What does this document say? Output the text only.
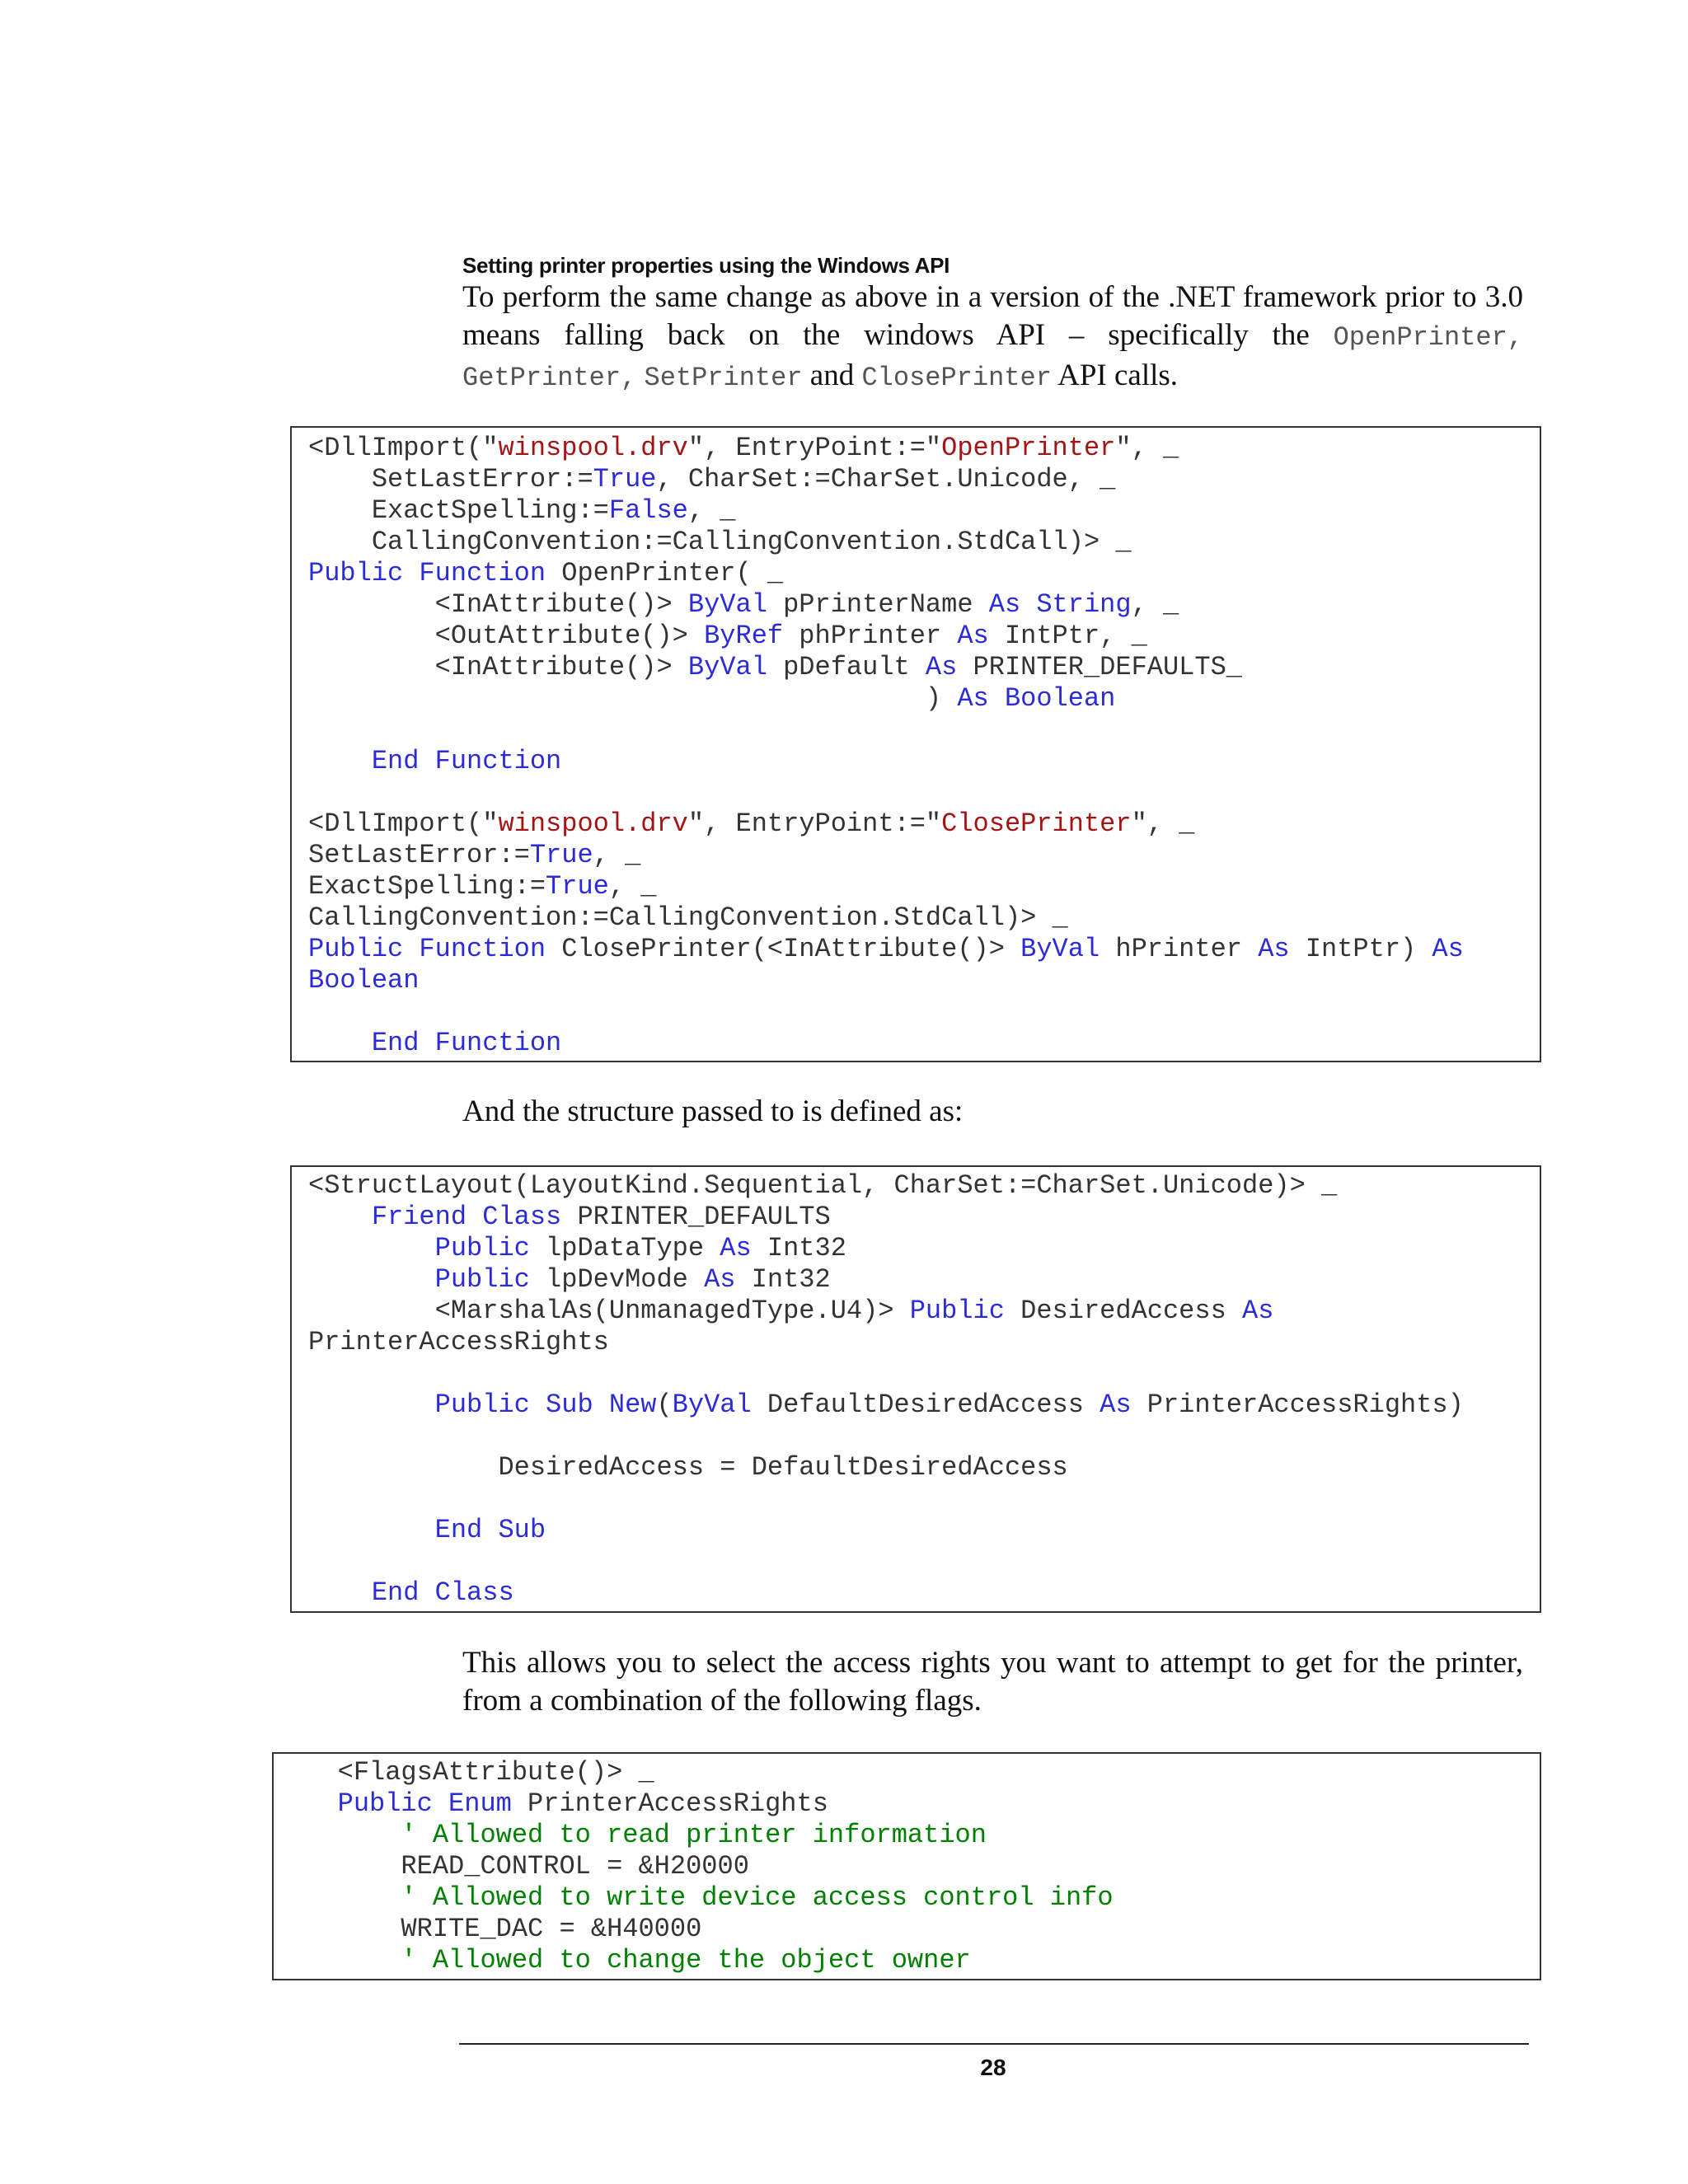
Setting printer properties using the Windows API
To perform the same change as above in a version of the .NET framework prior to 3.0 means falling back on the windows API – specifically the OpenPrinter, GetPrinter, SetPrinter and ClosePrinter API calls.
<DllImport("winspool.drv", EntryPoint:="OpenPrinter", _
SetLastError:=True, CharSet:=CharSet.Unicode, _
ExactSpelling:=False, _
CallingConvention:=CallingConvention.StdCall)> _
Public Function OpenPrinter( _
<InAttribute()> ByVal pPrinterName As String, _
<OutAttribute()> ByRef phPrinter As IntPtr, _
<InAttribute()> ByVal pDefault As PRINTER_DEFAULTS_
) As Boolean

End Function

<DllImport("winspool.drv", EntryPoint:="ClosePrinter", _
SetLastError:=True, _
ExactSpelling:=True, _
CallingConvention:=CallingConvention.StdCall)> _
Public Function ClosePrinter(<InAttribute()> ByVal hPrinter As IntPtr) As
Boolean

End Function
And the structure passed to is defined as:
<StructLayout(LayoutKind.Sequential, CharSet:=CharSet.Unicode)> _
Friend Class PRINTER_DEFAULTS
Public lpDataType As Int32
Public lpDevMode As Int32
<MarshalAs(UnmanagedType.U4)> Public DesiredAccess As
PrinterAccessRights

Public Sub New(ByVal DefaultDesiredAccess As PrinterAccessRights)

DesiredAccess = DefaultDesiredAccess

End Sub

End Class
This allows you to select the access rights you want to attempt to get for the printer, from a combination of the following flags.
<FlagsAttribute()> _
Public Enum PrinterAccessRights
' Allowed to read printer information
READ_CONTROL = &H20000
' Allowed to write device access control info
WRITE_DAC = &H40000
' Allowed to change the object owner
28
